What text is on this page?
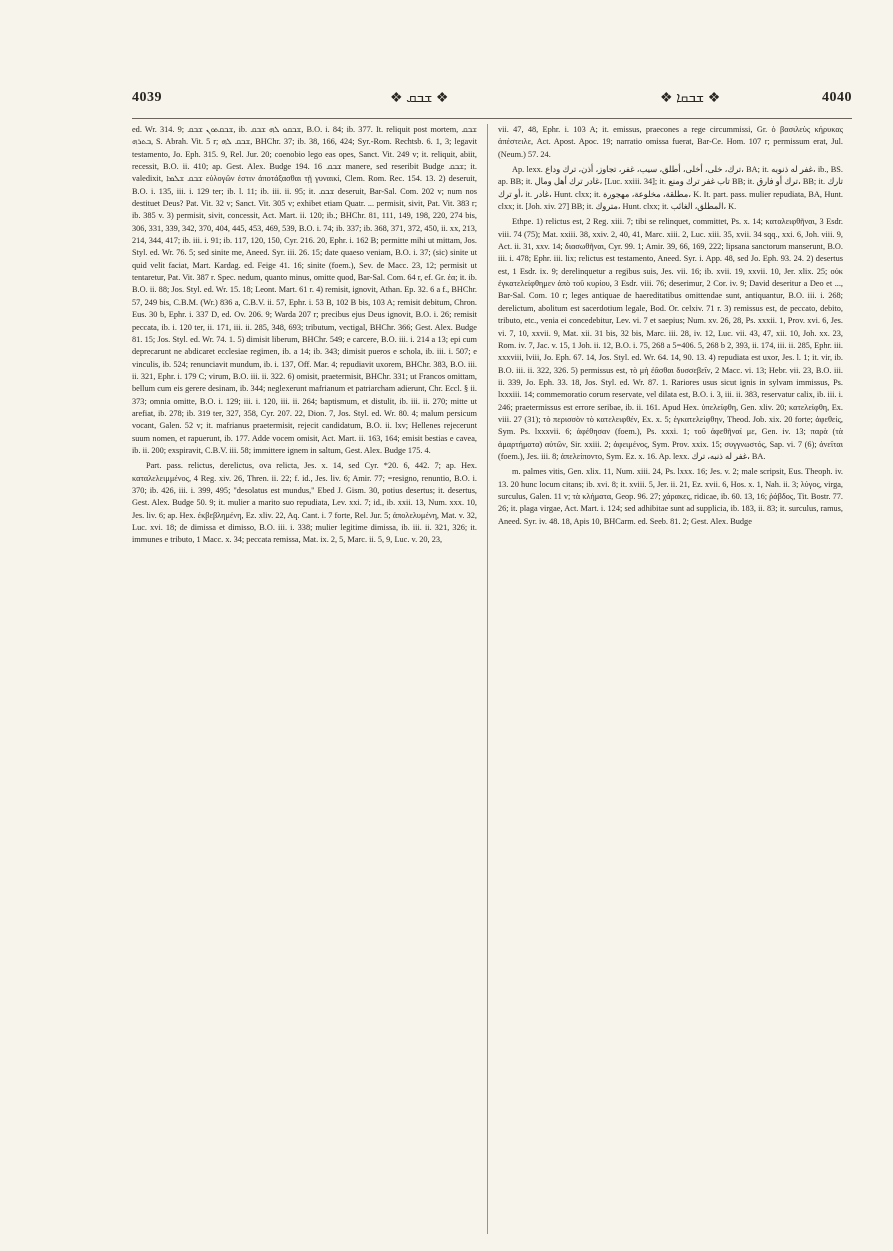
4039	❖ ܫܒܩ ❖	❖ ܫܒܩܐ ❖	4040

ed. Wr. 314. 9; ܫܒܩܬܘܢ ܫܒܩ, ib. ܫܒܩܘ ܠܗ ܫܒܩ, B.O. i. 84; ib. 377. It. reliquit post mortem, ܫܒܩ ܒܬܪܗ, S. Abrah. Vit. 5 r; ܫܒܩ ܠܗ, BHChr. 37; ib. 38, 166, 424; Syr.-Rom. Rechtsb. 6. 1, 3; legavit testamento, Jo. Eph. 315. 9, Rel. Jur. 20; coenobio lego eas opes, Sanct. Vit. 249 v; it. reliquit, abiit, recessit, B.O. ii. 410; ap. Gest. Alex. Budge 194. 16 ܫܒܩ manere, sed reseribit Budge ܫܒܩ; it. valedixit, ܫܒܩ ܫܠܡܐ εὐλογῶν ἐστιν ἀποτάξασθαι τῇ γυναικί, Clem. Rom. Rec. 154. 13. 2) deseruit, B.O. i. 135, iii. i. 129 ter; ib. l. 11; ib. iii. ii. 95; it. ܫܒܩ deseruit, Bar-Sal. Com. 202 v; num nos destituet Deus? Pat. Vit. 32 v; Sanct. Vit. 305 v; exhibet etiam Quatr. ... permisit, sivit, Pat. Vit. 383 r; ib. 385 v. 3) permisit, sivit, concessit, Act. Mart. ii. 120; ib.; BHChr. 81, 111, 149, 198, 220, 274 bis, 306, 331, 339, 342, 370, 404, 445, 453, 469, 539, B.O. i. 74; ib. 337; ib. 368, 371, 372, 450, ii. xx, 213, 214, 344, 417; ib. iii. i. 91; ib. 117, 120, 150, Cyr. 216. 20, Ephr. i. 162 B; permitte mihi ut mittam, Jos. Styl. ed. Wr. 76. 5; sed sinite me, Aneed. Syr. iii. 26. 15; date quaeso veniam, B.O. i. 37; (sic) sinite ut quid velit faciat, Mart. Kardag. ed. Feige 41. 16; sinite (foem.), Sev. de Macc. 23, 12; permisit ut tentaretur, Pat. Vit. 387 r. Spec. nedum, quanto minus, omitte quod, Bar-Sal. Com. 64 r, ef. Gr. ἐα; it. ib. B.O. ii. 88; Jos. Styl. ed. Wr. 15. 18; Leont. Mart. 61 r. 4) remisit, ignovit, Athan. Ep. 32. 6 a f., BHChr. 57, 249 bis, C.B.M. (Wr.) 836 a, C.B.V. ii. 57, Ephr. i. 53 B, 102 B bis, 103 A; remisit debitum, Chron. Eus. 30 b, Ephr. i. 337 D, ed. Ov. 206. 9; Warda 207 r; precibus ejus Deus ignovit, B.O. i. 26; remisit peccata, ib. i. 120 ter, ii. 171, iii. ii. 285, 348, 693; tributum, vectigal, BHChr. 366; Gest. Alex. Budge 81. 15; Jos. Styl. ed. Wr. 74. 1. 5) dimisit liberum, BHChr. 549; e carcere, B.O. iii. i. 214 a 13; epi cum deprecarunt ne abdicaret ecclesiae regimen, ib. a 14; ib. 343; dimisit pueros e schola, ib. iii. i. 507; e vinculis, ib. 524; renunciavit mundum, ib. i. 137, Off. Mar. 4; repudiavit uxorem, BHChr. 383, B.O. iii. ii. 321, Ephr. i. 179 C; virum, B.O. iii. ii. 322. 6) omisit, praetermisit, BHChr. 331; ut Francos omittam, bellum cum eis gerere desinam, ib. 344; neglexerunt mafrianum et patriarcham adierunt, Chr. Eccl. § ii. 373; omnia omitte, B.O. i. 129; iii. i. 120, iii. ii. 264; baptismum, et distulit, ib. iii. ii. 270; mitte ut arefiat, ib. 278; ib. 319 ter, 327, 358, Cyr. 207. 22, Dion. 7, Jos. Styl. ed. Wr. 80. 4; malum persicum vocant, Galen. 52 v; it. mafrianus praetermisit, rejecit candidatum, B.O. ii. lxv; Hellenes rejecerunt suum nomen, et rapuerunt, ib. 177. Adde vocem omisit, Act. Mart. ii. 163, 164; emisit bestias e cavea, ib. ii. 200; exspiravit, C.B.V. iii. 58; immittere ignem in saltum, Gest. Alex. Budge 175. 4.

Part. pass. relictus, derelictus, ova relicta, Jes. x. 14, sed Cyr. *20. 6, 442. 7; ap. Hex. καταλελειμμένος, 4 Reg. xiv. 26, Thren. ii. 22; f. id., Jes. liv. 6; Amir. 77; =resigno, renuntio, B.O. i. 370; ib. 426, iii. i. 399, 495; "desolatus est mundus," Ebed J. Gism. 30, potius desertus; it. desertus, Gest. Alex. Budge 50. 9; it. mulier a marito suo repudiata, Lev. xxi. 7; id., ib. xxii. 13, Num. xxx. 10, Jes. liv. 6; ap. Hex. ἐκβεβλημένη, Ez. xliv. 22, Aq. Cant. i. 7 forte, Rel. Jur. 5; ἀπολελυμένη, Mat. v. 32, Luc. xvi. 18; de dimissa et dimisso, B.O. iii. i. 338; mulier legitime dimissa, ib. iii. ii. 321, 326; it. immunes e tributo, 1 Macc. x. 34; peccata remissa, Mat. ix. 2, 5, Marc. ii. 5, 9, Luc. v. 20, 23,

vii. 47, 48, Ephr. i. 103 A; it. emissus, praecones a rege circummissi, Gr. ὁ βασιλεὺς κήρυκας ἀπέστειλε, Act. Apost. Apoc. 19; narratio omissa fuerat, Bar-Ce. Hom. 107 r; permissum erat, Jul. (Neum.) 57. 24.

Ap. lexx. ترك، خلى، أخلى، أطلق، سيب، غفر، تجاوز، أذن، ترك وداع، BA; it. غفر له ذنوبه، ib., BS. ap. BB; it. غادر ترك أهل ومال، [Luc. xxiii. 34]; it. تاب غفر ترك ومنع BB; it. ترك أو فارق، BB; it. تارك أو ترك، it. غادر، Hunt. clxx; it. مطلقة، مخلوعة، مهجورة، K. It. part. pass. mulier repudiata, BA, Hunt. clxx; it. [Joh. xiv. 27] BB; it. متروك، Hunt. clxx; it. المطلق، الغائب، K.

Ethpe. 1) relictus est, 2 Reg. xiii. 7; tibi se relinquet, committet, Ps. x. 14; καταλειφθῆναι, 3 Esdr. viii. 74 (75); Mat. xxiii. 38, xxiv. 2, 40, 41, Marc. xiii. 2, Luc. xiii. 35, xvii. 34 sqq., xxi. 6, Joh. viii. 9, Act. ii. 31, xxv. 14; διασωθῆναι, Cyr. 99. 1; Amir. 39, 66, 169, 222; lipsana sanctorum manserunt, B.O. iii. i. 478; Ephr. iii. lix; relictus est testamento, Aneed. Syr. i. App. 48, sed Jo. Eph. 93. 24. 2) desertus est, 1 Esdr. ix. 9; derelinquetur a regibus suis, Jes. vii. 16; ib. xvii. 19, xxvii. 10, Jer. xlix. 25; οὐκ ἐγκατελείφθημεν ἀπὸ τοῦ κυρίου, 3 Esdr. viii. 76; deserimur, 2 Cor. iv. 9; David deseritur a Deo et ..., Bar-Sal. Com. 10 r; leges antiquae de haereditatibus omittendae sunt, antiquantur, B.O. iii. i. 268; derelictum, abolitum est sacerdotium legale, Bod. Or. celxiv. 71 r. 3) remissus est, de peccato, debito, tributo, etc., venia ei concedebitur, Lev. vi. 7 et saepius; Num. xv. 26, 28, Ps. xxxii. 1, Prov. xvi. 6, Jes. vi. 7, 10, xxvii. 9, Mat. xii. 31 bis, 32 bis, Marc. iii. 28, iv. 12, Luc. vii. 43, 47, xii. 10, Joh. xx. 23, Rom. iv. 7, Jac. v. 15, 1 Joh. ii. 12, B.O. i. 75, 268 a 5=406. 5, 268 b 2, 393, ii. 174, iii. ii. 285, Ephr. iii. xxxviii, lviii, Jo. Eph. 67. 14, Jos. Styl. ed. Wr. 64. 14, 90. 13. 4) repudiata est uxor, Jes. l. 1; it. vir, ib. B.O. iii. ii. 322, 326. 5) permissus est, τὸ μὴ ἐᾶσθαι δυσσεβεῖν, 2 Macc. vi. 13; Hebr. vii. 23, B.O. iii. ii. 339, Jo. Eph. 33. 18, Jos. Styl. ed. Wr. 87. 1. Rariores usus sicut ignis in sylvam immissus, Ps. lxxxiii. 14; commemoratio corum reservate, vel dilata est, B.O. i. 3, iii. ii. 383, reservatur calix, ib. iii. i. 246; praetermissus est errore seribae, ib. ii. 161. Apud Hex. ὑπελείφθη, Gen. xliv. 20; κατελείφθη, Ex. viii. 27 (31); τὸ περισσὸν τὸ κατελειφθέν, Ex. x. 5; ἐγκατελείφθην, Theod. Job. xix. 20 forte; ἀφεθείς, Sym. Ps. lxxxvii. 6; ἀφέθησαν (foem.), Ps. xxxi. 1; τοῦ ἀφεθῆναί με, Gen. iv. 13; παρὰ (τὰ ἁμαρτήματα) αὐτῶν, Sir. xxiii. 2; ἀφειμένος, Sym. Prov. xxix. 15; συγγνωστός, Sap. vi. 7 (6); ἀνεῖται (foem.), Jes. iii. 8; ἀπελείποντο, Sym. Ez. x. 16. Ap. lexx. غفر له ذنبه، ترك، BA.

m. palmes vitis, Gen. xlix. 11, Num. xiii. 24, Ps. lxxx. 16; Jes. v. 2; male scripsit, Eus. Theoph. iv. 13. 20 hunc locum citans; ib. xvi. 8; it. xviii. 5, Jer. ii. 21, Ez. xvii. 6, Hos. x. 1, Nah. ii. 3; λύγος, virga, surculus, Galen. 11 v; τὰ κλήματα, Geop. 96. 27; χάρακες, ridicae, ib. 60. 13, 16; ῥάβδος, Tit. Bostr. 77. 26; it. plaga virgae, Act. Mart. i. 124; sed adhibitae sunt ad supplicia, ib. 183, ii. 83; it. surculus, ramus, Aneed. Syr. iv. 48. 18, Apis 10, BHCarm. ed. Seeb. 81. 2; Gest. Alex. Budge
